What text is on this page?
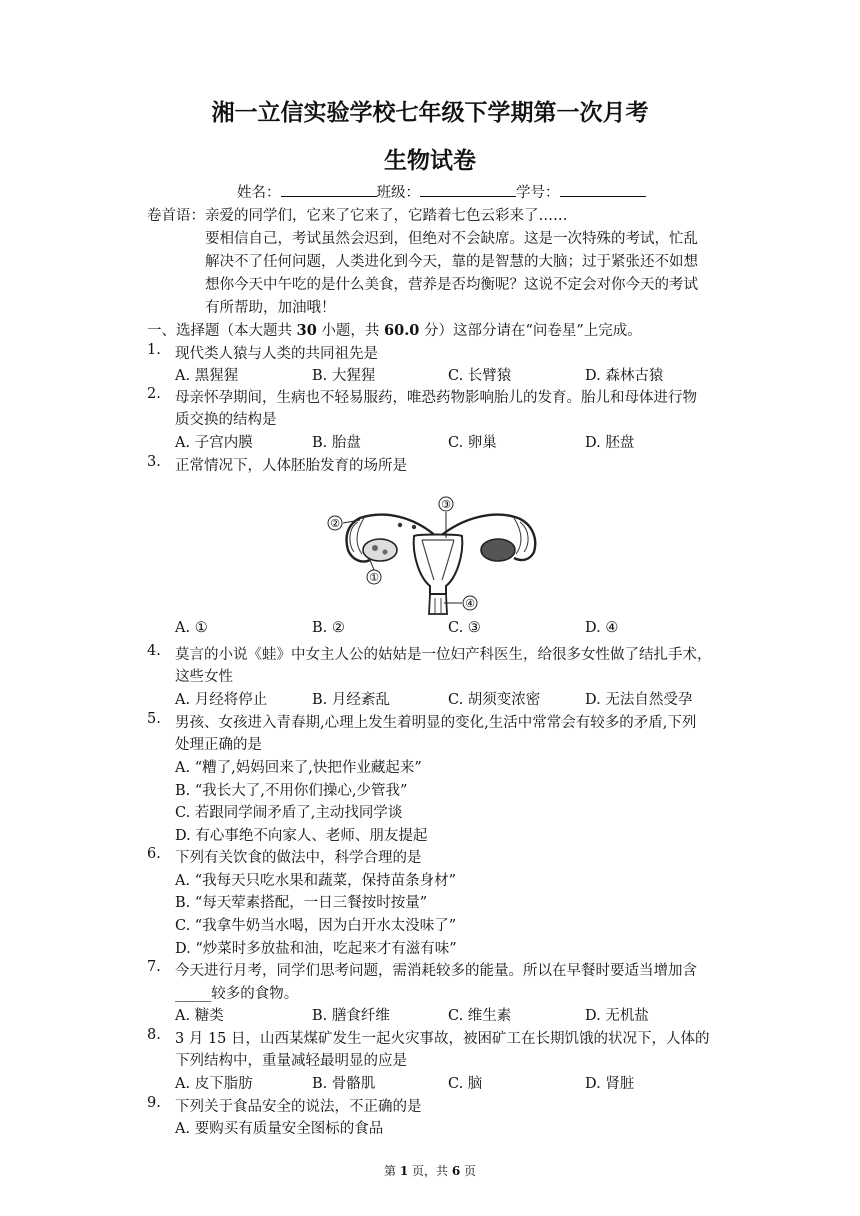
湘一立信实验学校七年级下学期第一次月考
生物试卷
姓名：	班级：	学号：
卷首语： 亲爱的同学们，它来了它来了，它踏着七色云彩来了……
要相信自己，考试虽然会迟到，但绝对不会缺席。这是一次特殊的考试，忙乱
解决不了任何问题，人类进化到今天，靠的是智慧的大脑；过于紧张还不如想
想你今天中午吃的是什么美食，营养是否均衡呢？这说不定会对你今天的考试
有所帮助，加油哦！
一、选择题（本大题共 30 小题，共 60.0 分）这部分请在“问卷星”上完成。
1. 现代类人猿与人类的共同祖先是
A. 黑猩猩	B. 大猩猩	C. 长臂猿	D. 森林古猿
2. 母亲怀孕期间，生病也不轻易服药，唯恐药物影响胎儿的发育。胎儿和母体进行物
质交换的结构是
A. 子宫内膜	B. 胎盘	C. 卵巢	D. 胚盘
3. 正常情况下，人体胚胎发育的场所是
③
②
①
④
A. ①	B. ②	C. ③	D. ④
4. 莫言的小说《蛙》中女主人公的姑姑是一位妇产科医生，给很多女性做了结扎手术，
这些女性
A. 月经将停止	B. 月经紊乱	C. 胡须变浓密	D. 无法自然受孕
5. 男孩、女孩进入青春期,心理上发生着明显的变化,生活中常常会有较多的矛盾,下列
处理正确的是
A. “糟了,妈妈回来了,快把作业藏起来”
B. “我长大了,不用你们操心,少管我”
C. 若跟同学闹矛盾了,主动找同学谈
D. 有心事绝不向家人、老师、朋友提起
6. 下列有关饮食的做法中，科学合理的是
A. “我每天只吃水果和蔬菜，保持苗条身材”
B. “每天荤素搭配，一日三餐按时按量”
C. “我拿牛奶当水喝，因为白开水太没味了”
D. “炒菜时多放盐和油，吃起来才有滋有味”
7. 今天进行月考，同学们思考问题，需消耗较多的能量。所以在早餐时要适当增加含
_____较多的食物。
A. 糖类	B. 膳食纤维	C. 维生素	D. 无机盐
8. 3 月 15 日，山西某煤矿发生一起火灾事故，被困矿工在长期饥饿的状况下，人体的
下列结构中，重量减轻最明显的应是
A. 皮下脂肪	B. 骨骼肌	C. 脑	D. 肾脏
9. 下列关于食品安全的说法，不正确的是
A. 要购买有质量安全图标的食品
第 1 页，共 6 页
